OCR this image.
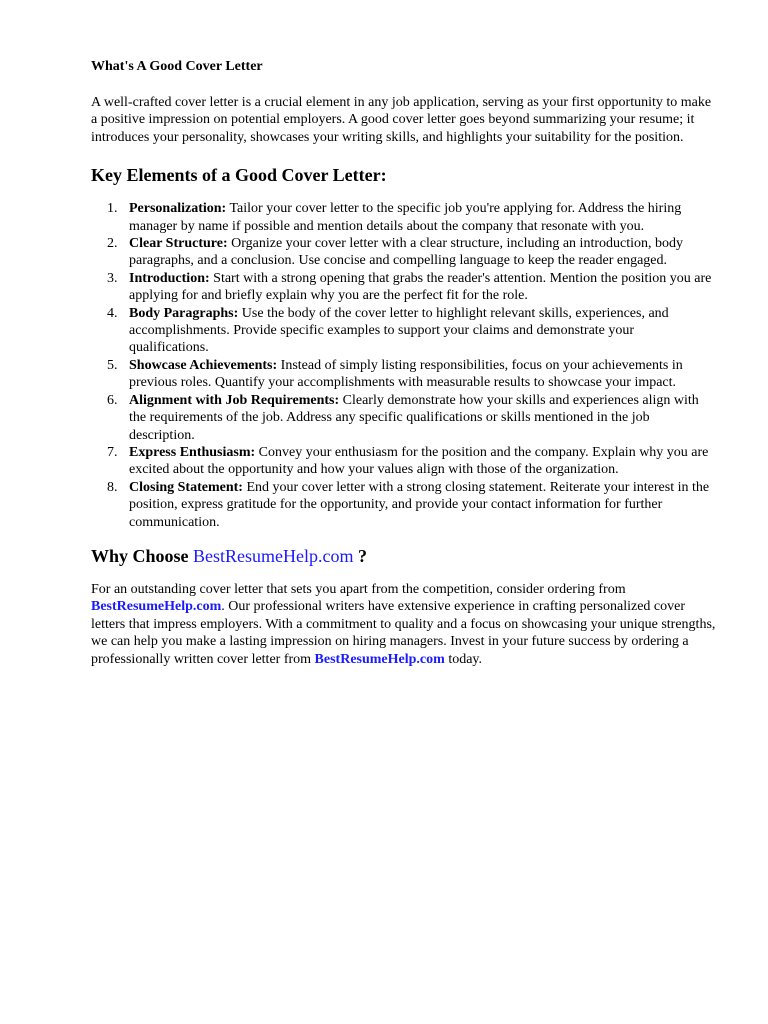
What's A Good Cover Letter

A well-crafted cover letter is a crucial element in any job application, serving as your first opportunity to make a positive impression on potential employers. A good cover letter goes beyond summarizing your resume; it introduces your personality, showcases your writing skills, and highlights your suitability for the position.

Key Elements of a Good Cover Letter:
1. Personalization: Tailor your cover letter to the specific job you're applying for. Address the hiring manager by name if possible and mention details about the company that resonate with you.
2. Clear Structure: Organize your cover letter with a clear structure, including an introduction, body paragraphs, and a conclusion. Use concise and compelling language to keep the reader engaged.
3. Introduction: Start with a strong opening that grabs the reader's attention. Mention the position you are applying for and briefly explain why you are the perfect fit for the role.
4. Body Paragraphs: Use the body of the cover letter to highlight relevant skills, experiences, and accomplishments. Provide specific examples to support your claims and demonstrate your qualifications.
5. Showcase Achievements: Instead of simply listing responsibilities, focus on your achievements in previous roles. Quantify your accomplishments with measurable results to showcase your impact.
6. Alignment with Job Requirements: Clearly demonstrate how your skills and experiences align with the requirements of the job. Address any specific qualifications or skills mentioned in the job description.
7. Express Enthusiasm: Convey your enthusiasm for the position and the company. Explain why you are excited about the opportunity and how your values align with those of the organization.
8. Closing Statement: End your cover letter with a strong closing statement. Reiterate your interest in the position, express gratitude for the opportunity, and provide your contact information for further communication.
Why Choose BestResumeHelp.com ?

For an outstanding cover letter that sets you apart from the competition, consider ordering from BestResumeHelp.com. Our professional writers have extensive experience in crafting personalized cover letters that impress employers. With a commitment to quality and a focus on showcasing your unique strengths, we can help you make a lasting impression on hiring managers. Invest in your future success by ordering a professionally written cover letter from BestResumeHelp.com today.
